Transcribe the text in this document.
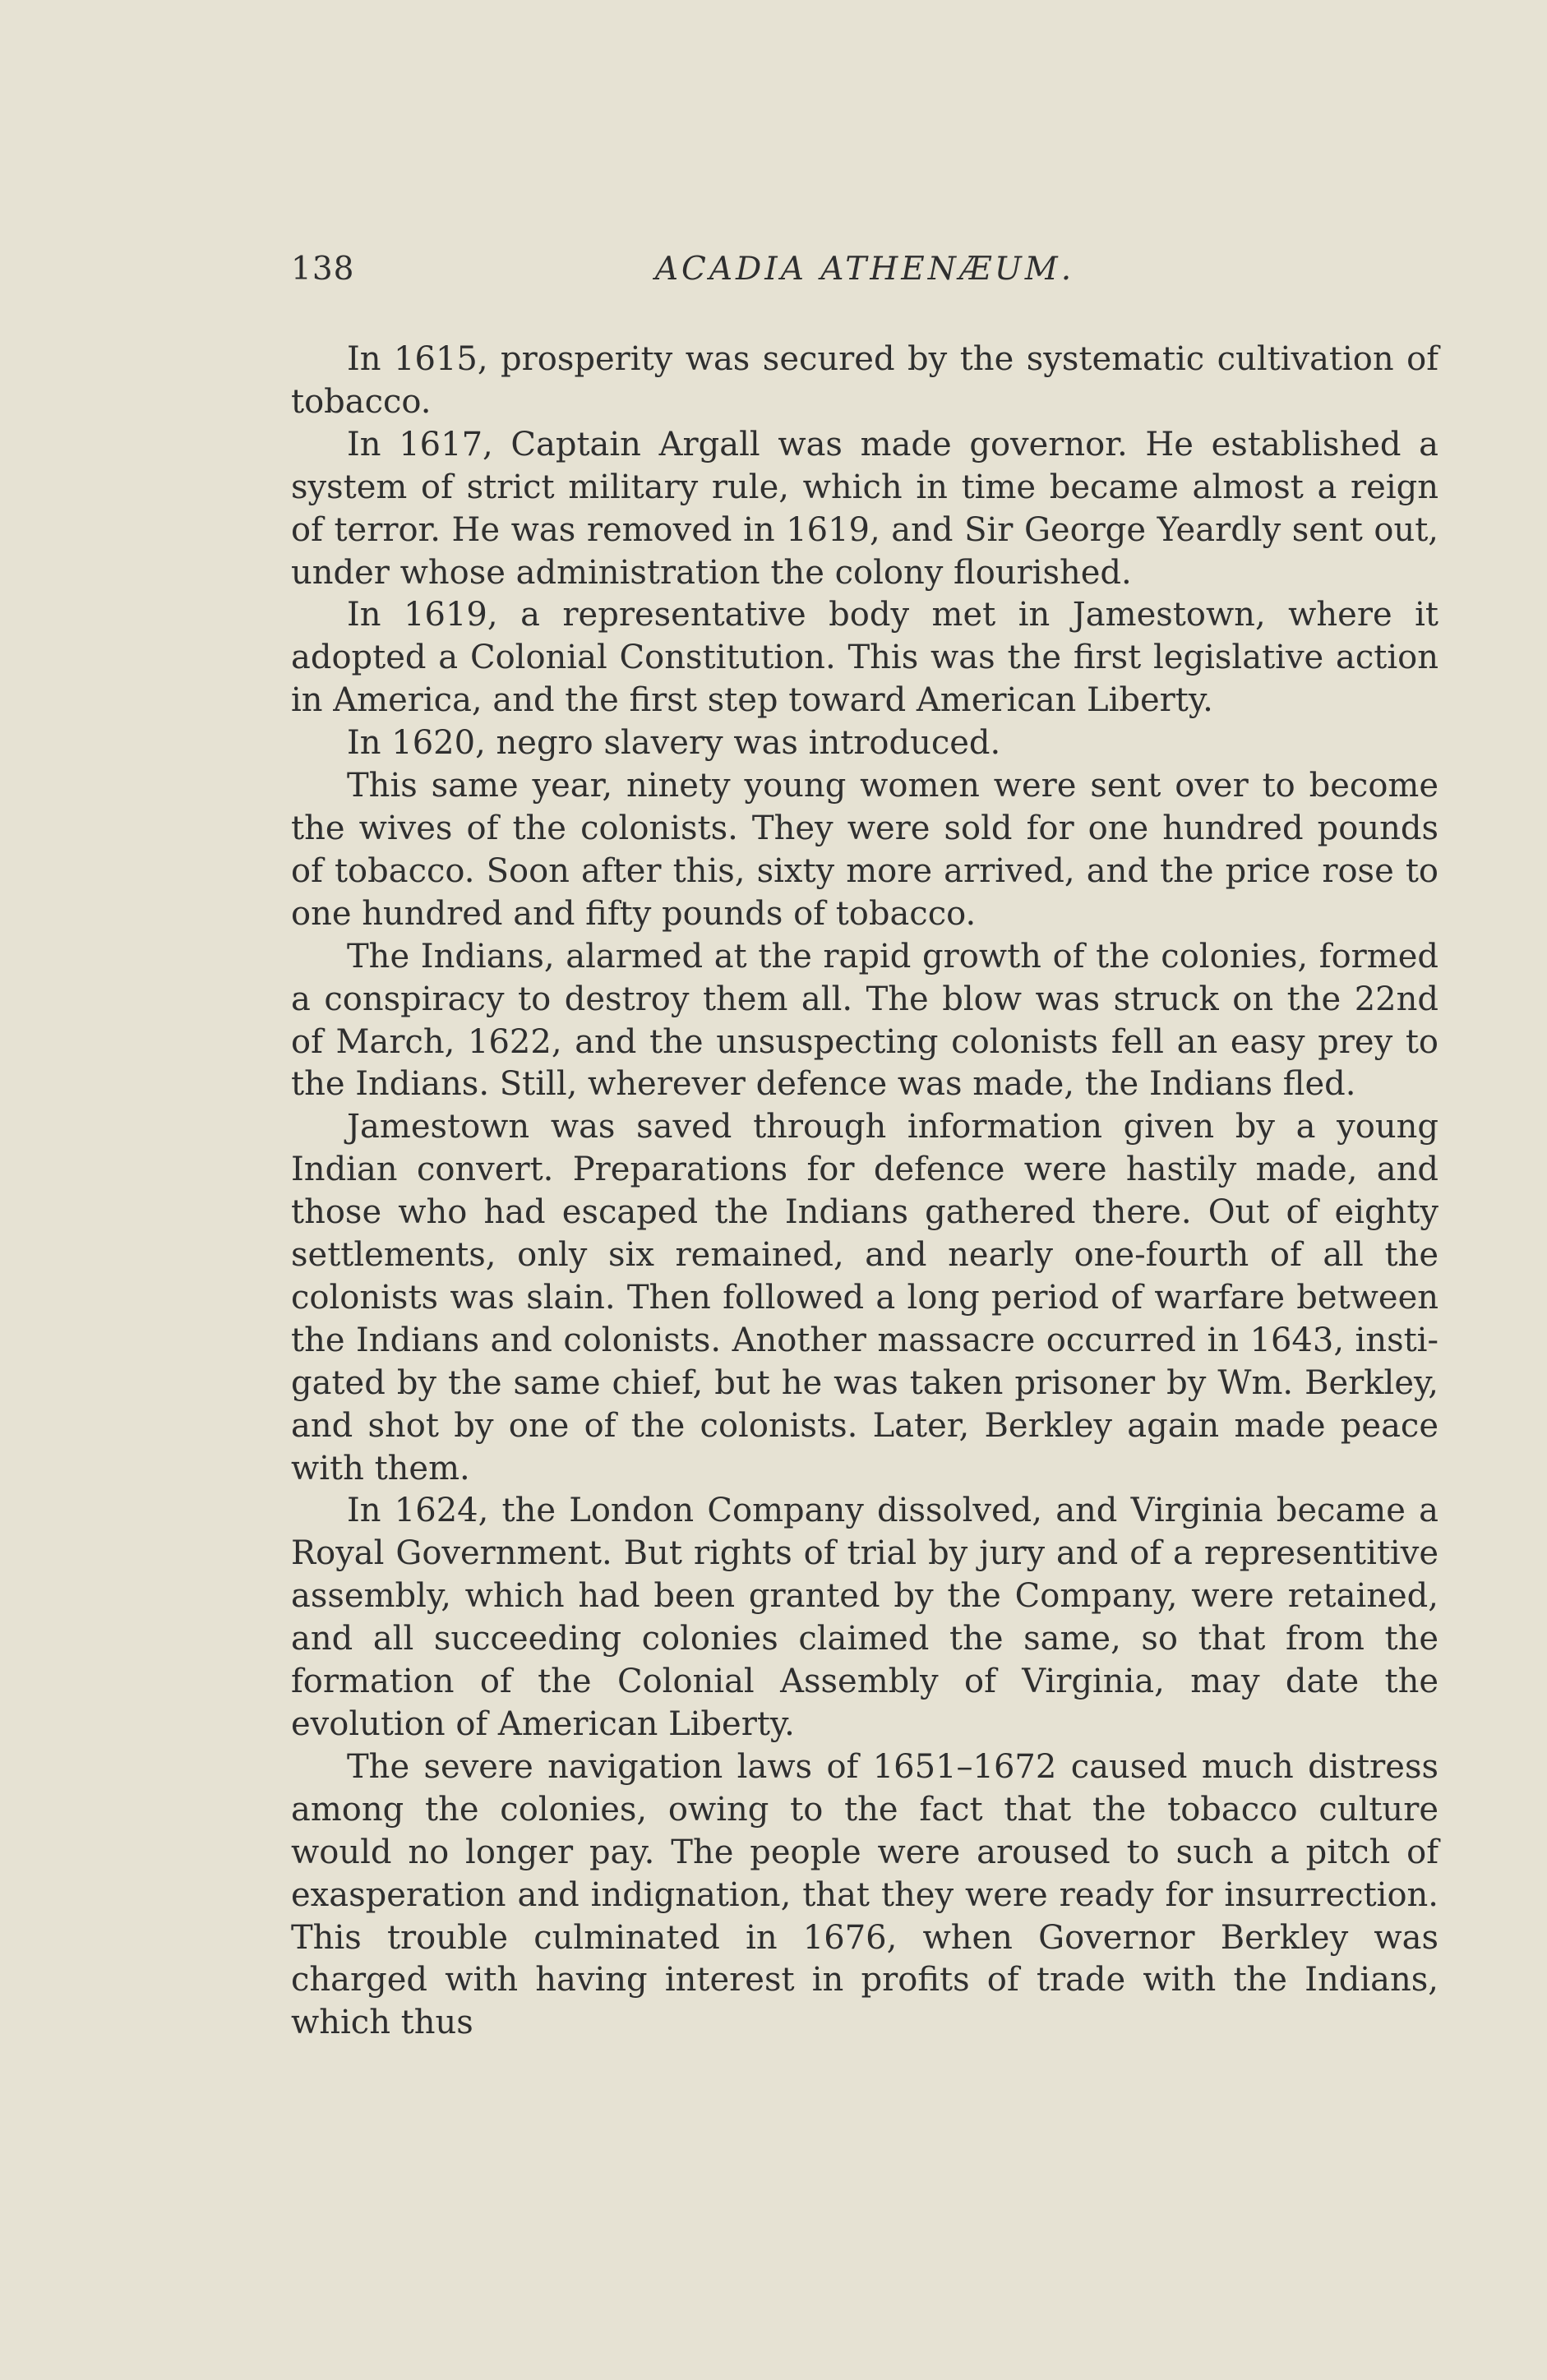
138	ACADIA ATHENÆUM.

In 1615, prosperity was secured by the systematic cultivation of tobacco.

In 1617, Captain Argall was made governor. He established a system of strict military rule, which in time became almost a reign of terror. He was removed in 1619, and Sir George Yeardly sent out, under whose administration the colony flourished.

In 1619, a representative body met in Jamestown, where it adopted a Colonial Constitution. This was the first legislative action in America, and the first step toward American Liberty.

In 1620, negro slavery was introduced.

This same year, ninety young women were sent over to become the wives of the colonists. They were sold for one hundred pounds of tobacco. Soon after this, sixty more arrived, and the price rose to one hundred and fifty pounds of tobacco.

The Indians, alarmed at the rapid growth of the colonies, formed a conspiracy to destroy them all. The blow was struck on the 22nd of March, 1622, and the unsuspecting colonists fell an easy prey to the Indians. Still, wherever defence was made, the Indians fled.

Jamestown was saved through information given by a young Indian convert. Preparations for defence were hastily made, and those who had escaped the Indians gathered there. Out of eighty settlements, only six remained, and nearly one-fourth of all the colonists was slain. Then followed a long period of warfare between the Indians and colonists. Another massacre occurred in 1643, instigated by the same chief, but he was taken prisoner by Wm. Berkley, and shot by one of the colonists. Later, Berkley again made peace with them.

In 1624, the London Company dissolved, and Virginia became a Royal Government. But rights of trial by jury and of a representitive assembly, which had been granted by the Company, were retained, and all succeeding colonies claimed the same, so that from the formation of the Colonial Assembly of Virginia, may date the evolution of American Liberty.

The severe navigation laws of 1651–1672 caused much distress among the colonies, owing to the fact that the tobacco culture would no longer pay. The people were aroused to such a pitch of exasperation and indignation, that they were ready for insurrection. This trouble culminated in 1676, when Governor Berkley was charged with having interest in profits of trade with the Indians, which thus
